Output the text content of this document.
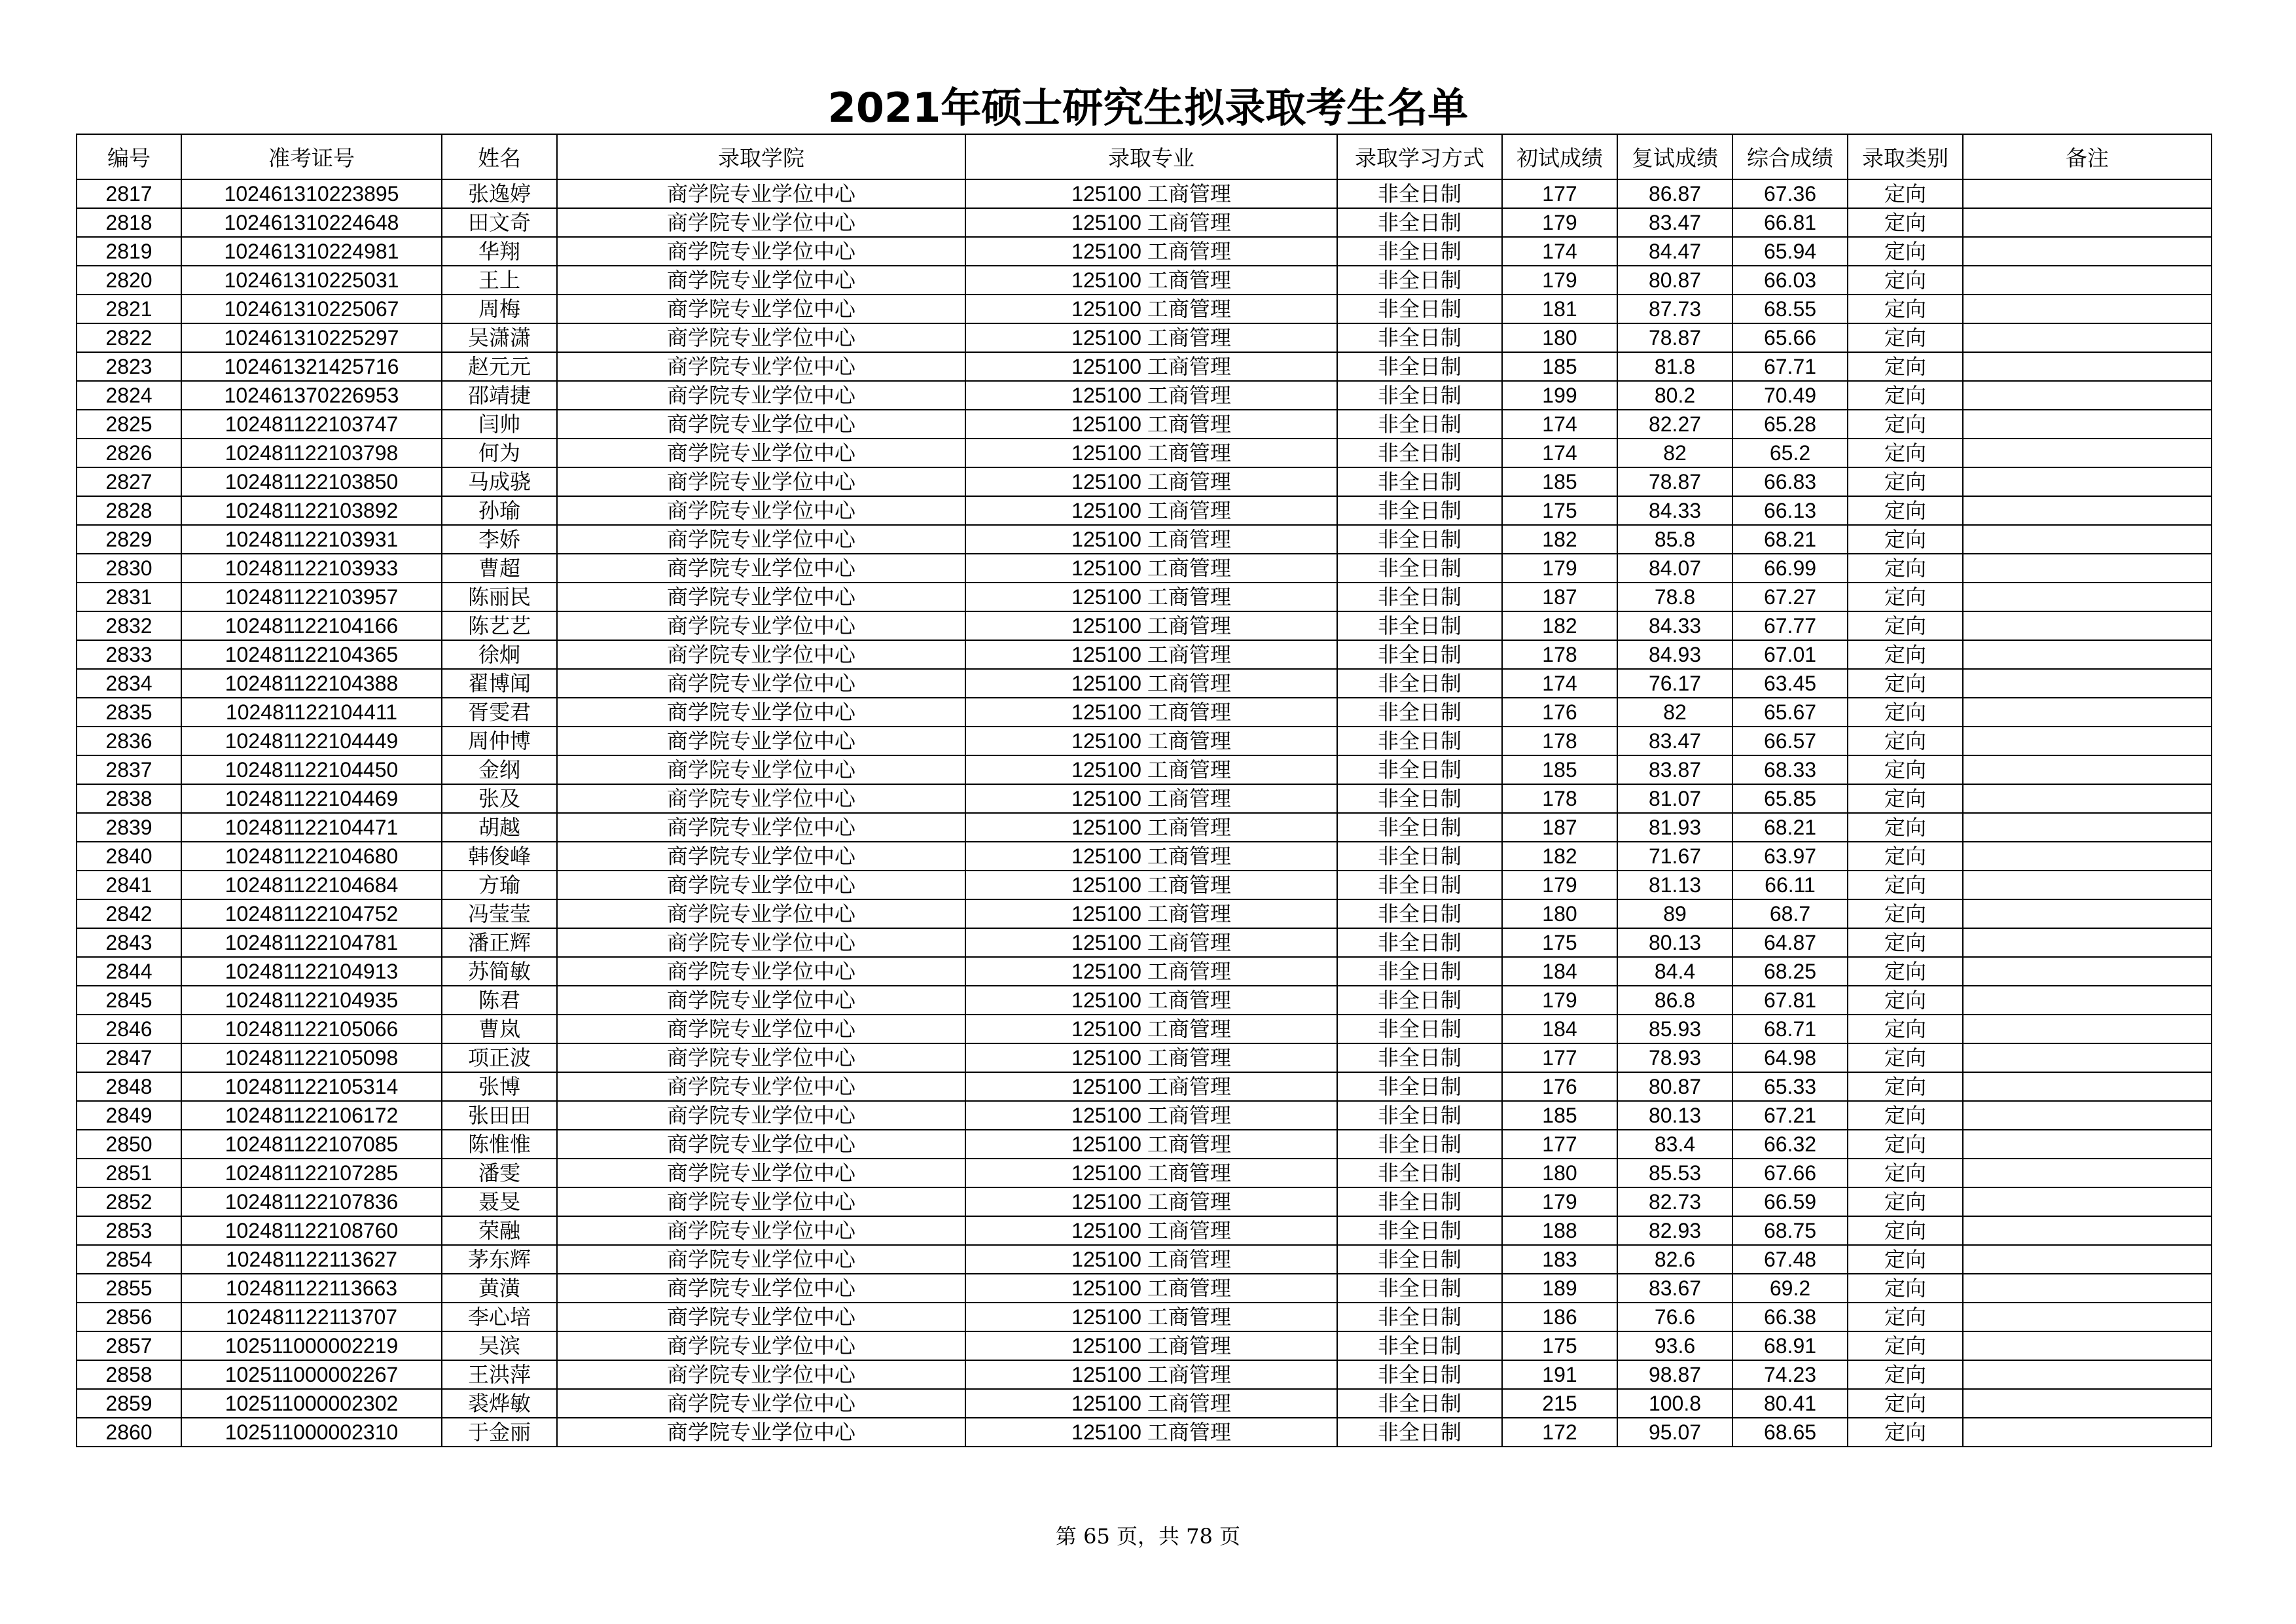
2021年硕士研究生拟录取考生名单
编号	准考证号	姓名	录取学院	录取专业	录取学习方式	初试成绩	复试成绩	综合成绩	录取类别	备注
2817	102461310223895	张逸婷	商学院专业学位中心	125100 工商管理	非全日制	177	86.87	67.36	定向	
2818	102461310224648	田文奇	商学院专业学位中心	125100 工商管理	非全日制	179	83.47	66.81	定向	
2819	102461310224981	华翔	商学院专业学位中心	125100 工商管理	非全日制	174	84.47	65.94	定向	
2820	102461310225031	王上	商学院专业学位中心	125100 工商管理	非全日制	179	80.87	66.03	定向	
2821	102461310225067	周梅	商学院专业学位中心	125100 工商管理	非全日制	181	87.73	68.55	定向	
2822	102461310225297	吴潇潇	商学院专业学位中心	125100 工商管理	非全日制	180	78.87	65.66	定向	
2823	102461321425716	赵元元	商学院专业学位中心	125100 工商管理	非全日制	185	81.8	67.71	定向	
2824	102461370226953	邵靖捷	商学院专业学位中心	125100 工商管理	非全日制	199	80.2	70.49	定向	
2825	102481122103747	闫帅	商学院专业学位中心	125100 工商管理	非全日制	174	82.27	65.28	定向	
2826	102481122103798	何为	商学院专业学位中心	125100 工商管理	非全日制	174	82	65.2	定向	
2827	102481122103850	马成骁	商学院专业学位中心	125100 工商管理	非全日制	185	78.87	66.83	定向	
2828	102481122103892	孙瑜	商学院专业学位中心	125100 工商管理	非全日制	175	84.33	66.13	定向	
2829	102481122103931	李娇	商学院专业学位中心	125100 工商管理	非全日制	182	85.8	68.21	定向	
2830	102481122103933	曹超	商学院专业学位中心	125100 工商管理	非全日制	179	84.07	66.99	定向	
2831	102481122103957	陈丽民	商学院专业学位中心	125100 工商管理	非全日制	187	78.8	67.27	定向	
2832	102481122104166	陈艺艺	商学院专业学位中心	125100 工商管理	非全日制	182	84.33	67.77	定向	
2833	102481122104365	徐炯	商学院专业学位中心	125100 工商管理	非全日制	178	84.93	67.01	定向	
2834	102481122104388	翟博闻	商学院专业学位中心	125100 工商管理	非全日制	174	76.17	63.45	定向	
2835	102481122104411	胥雯君	商学院专业学位中心	125100 工商管理	非全日制	176	82	65.67	定向	
2836	102481122104449	周仲博	商学院专业学位中心	125100 工商管理	非全日制	178	83.47	66.57	定向	
2837	102481122104450	金纲	商学院专业学位中心	125100 工商管理	非全日制	185	83.87	68.33	定向	
2838	102481122104469	张及	商学院专业学位中心	125100 工商管理	非全日制	178	81.07	65.85	定向	
2839	102481122104471	胡越	商学院专业学位中心	125100 工商管理	非全日制	187	81.93	68.21	定向	
2840	102481122104680	韩俊峰	商学院专业学位中心	125100 工商管理	非全日制	182	71.67	63.97	定向	
2841	102481122104684	方瑜	商学院专业学位中心	125100 工商管理	非全日制	179	81.13	66.11	定向	
2842	102481122104752	冯莹莹	商学院专业学位中心	125100 工商管理	非全日制	180	89	68.7	定向	
2843	102481122104781	潘正辉	商学院专业学位中心	125100 工商管理	非全日制	175	80.13	64.87	定向	
2844	102481122104913	苏简敏	商学院专业学位中心	125100 工商管理	非全日制	184	84.4	68.25	定向	
2845	102481122104935	陈君	商学院专业学位中心	125100 工商管理	非全日制	179	86.8	67.81	定向	
2846	102481122105066	曹岚	商学院专业学位中心	125100 工商管理	非全日制	184	85.93	68.71	定向	
2847	102481122105098	项正波	商学院专业学位中心	125100 工商管理	非全日制	177	78.93	64.98	定向	
2848	102481122105314	张博	商学院专业学位中心	125100 工商管理	非全日制	176	80.87	65.33	定向	
2849	102481122106172	张田田	商学院专业学位中心	125100 工商管理	非全日制	185	80.13	67.21	定向	
2850	102481122107085	陈惟惟	商学院专业学位中心	125100 工商管理	非全日制	177	83.4	66.32	定向	
2851	102481122107285	潘雯	商学院专业学位中心	125100 工商管理	非全日制	180	85.53	67.66	定向	
2852	102481122107836	聂旻	商学院专业学位中心	125100 工商管理	非全日制	179	82.73	66.59	定向	
2853	102481122108760	荣融	商学院专业学位中心	125100 工商管理	非全日制	188	82.93	68.75	定向	
2854	102481122113627	茅东辉	商学院专业学位中心	125100 工商管理	非全日制	183	82.6	67.48	定向	
2855	102481122113663	黄潢	商学院专业学位中心	125100 工商管理	非全日制	189	83.67	69.2	定向	
2856	102481122113707	李心培	商学院专业学位中心	125100 工商管理	非全日制	186	76.6	66.38	定向	
2857	102511000002219	吴滨	商学院专业学位中心	125100 工商管理	非全日制	175	93.6	68.91	定向	
2858	102511000002267	王洪萍	商学院专业学位中心	125100 工商管理	非全日制	191	98.87	74.23	定向	
2859	102511000002302	裘烨敏	商学院专业学位中心	125100 工商管理	非全日制	215	100.8	80.41	定向	
2860	102511000002310	于金丽	商学院专业学位中心	125100 工商管理	非全日制	172	95.07	68.65	定向	
第 65 页，共 78 页
